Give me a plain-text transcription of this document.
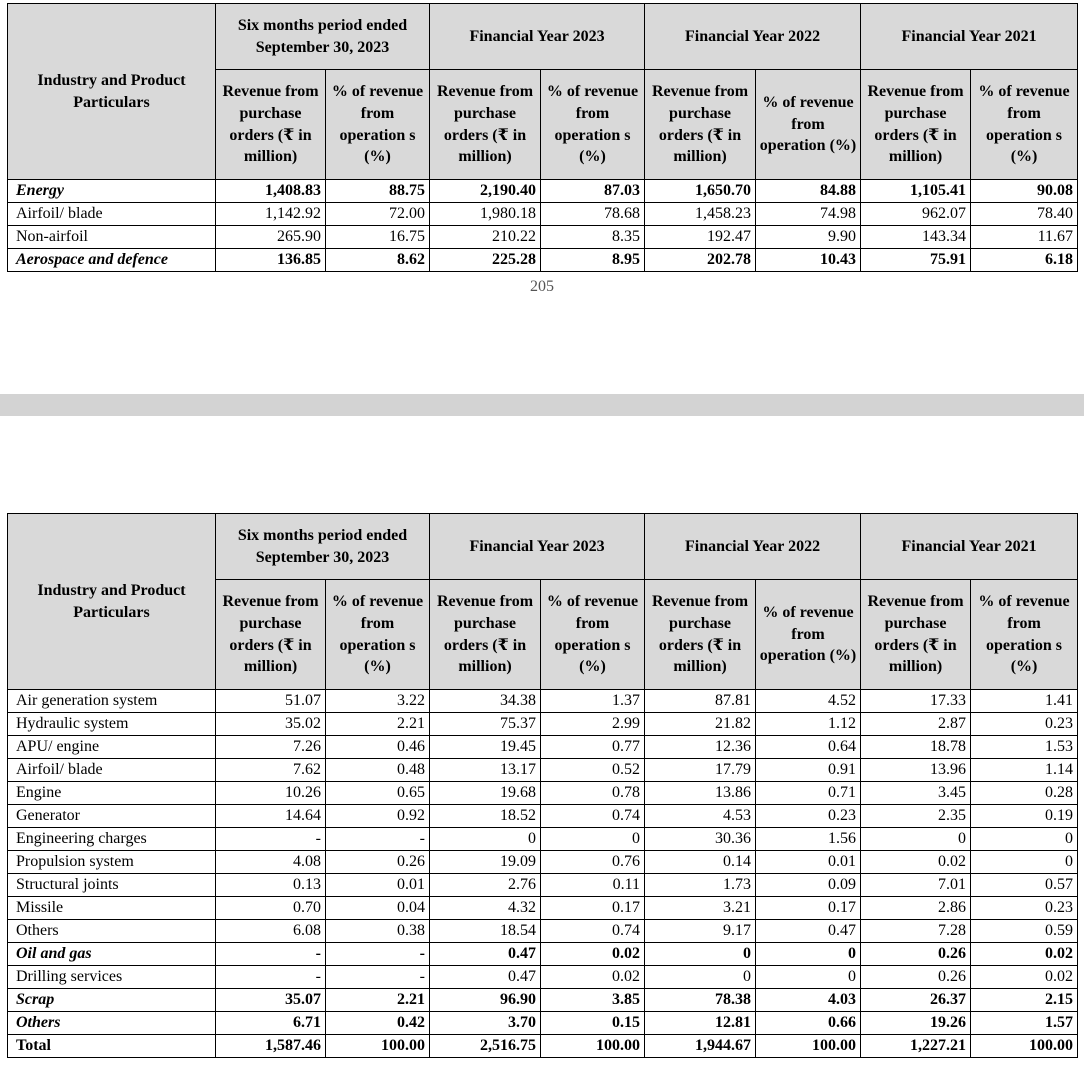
Industry and Product Particulars	Six months period ended September 30, 2023		Financial Year 2023		Financial Year 2022		Financial Year 2021	
	Revenue from purchase orders (₹ in million)	% of revenue from operation s (%)	Revenue from purchase orders (₹ in million)	% of revenue from operation s (%)	Revenue from purchase orders (₹ in million)	% of revenue from operation (%)	Revenue from purchase orders (₹ in million)	% of revenue from operation s (%)
Energy	1,408.83	88.75	2,190.40	87.03	1,650.70	84.88	1,105.41	90.08
Airfoil/ blade	1,142.92	72.00	1,980.18	78.68	1,458.23	74.98	962.07	78.40
Non-airfoil	265.90	16.75	210.22	8.35	192.47	9.90	143.34	11.67
Aerospace and defence	136.85	8.62	225.28	8.95	202.78	10.43	75.91	6.18
205
Industry and Product Particulars	Six months period ended September 30, 2023		Financial Year 2023		Financial Year 2022		Financial Year 2021	
	Revenue from purchase orders (₹ in million)	% of revenue from operation s (%)	Revenue from purchase orders (₹ in million)	% of revenue from operation s (%)	Revenue from purchase orders (₹ in million)	% of revenue from operation (%)	Revenue from purchase orders (₹ in million)	% of revenue from operation s (%)
Air generation system	51.07	3.22	34.38	1.37	87.81	4.52	17.33	1.41
Hydraulic system	35.02	2.21	75.37	2.99	21.82	1.12	2.87	0.23
APU/ engine	7.26	0.46	19.45	0.77	12.36	0.64	18.78	1.53
Airfoil/ blade	7.62	0.48	13.17	0.52	17.79	0.91	13.96	1.14
Engine	10.26	0.65	19.68	0.78	13.86	0.71	3.45	0.28
Generator	14.64	0.92	18.52	0.74	4.53	0.23	2.35	0.19
Engineering charges	-	-	0	0	30.36	1.56	0	0
Propulsion system	4.08	0.26	19.09	0.76	0.14	0.01	0.02	0
Structural joints	0.13	0.01	2.76	0.11	1.73	0.09	7.01	0.57
Missile	0.70	0.04	4.32	0.17	3.21	0.17	2.86	0.23
Others	6.08	0.38	18.54	0.74	9.17	0.47	7.28	0.59
Oil and gas	-	-	0.47	0.02	0	0	0.26	0.02
Drilling services	-	-	0.47	0.02	0	0	0.26	0.02
Scrap	35.07	2.21	96.90	3.85	78.38	4.03	26.37	2.15
Others	6.71	0.42	3.70	0.15	12.81	0.66	19.26	1.57
Total	1,587.46	100.00	2,516.75	100.00	1,944.67	100.00	1,227.21	100.00
